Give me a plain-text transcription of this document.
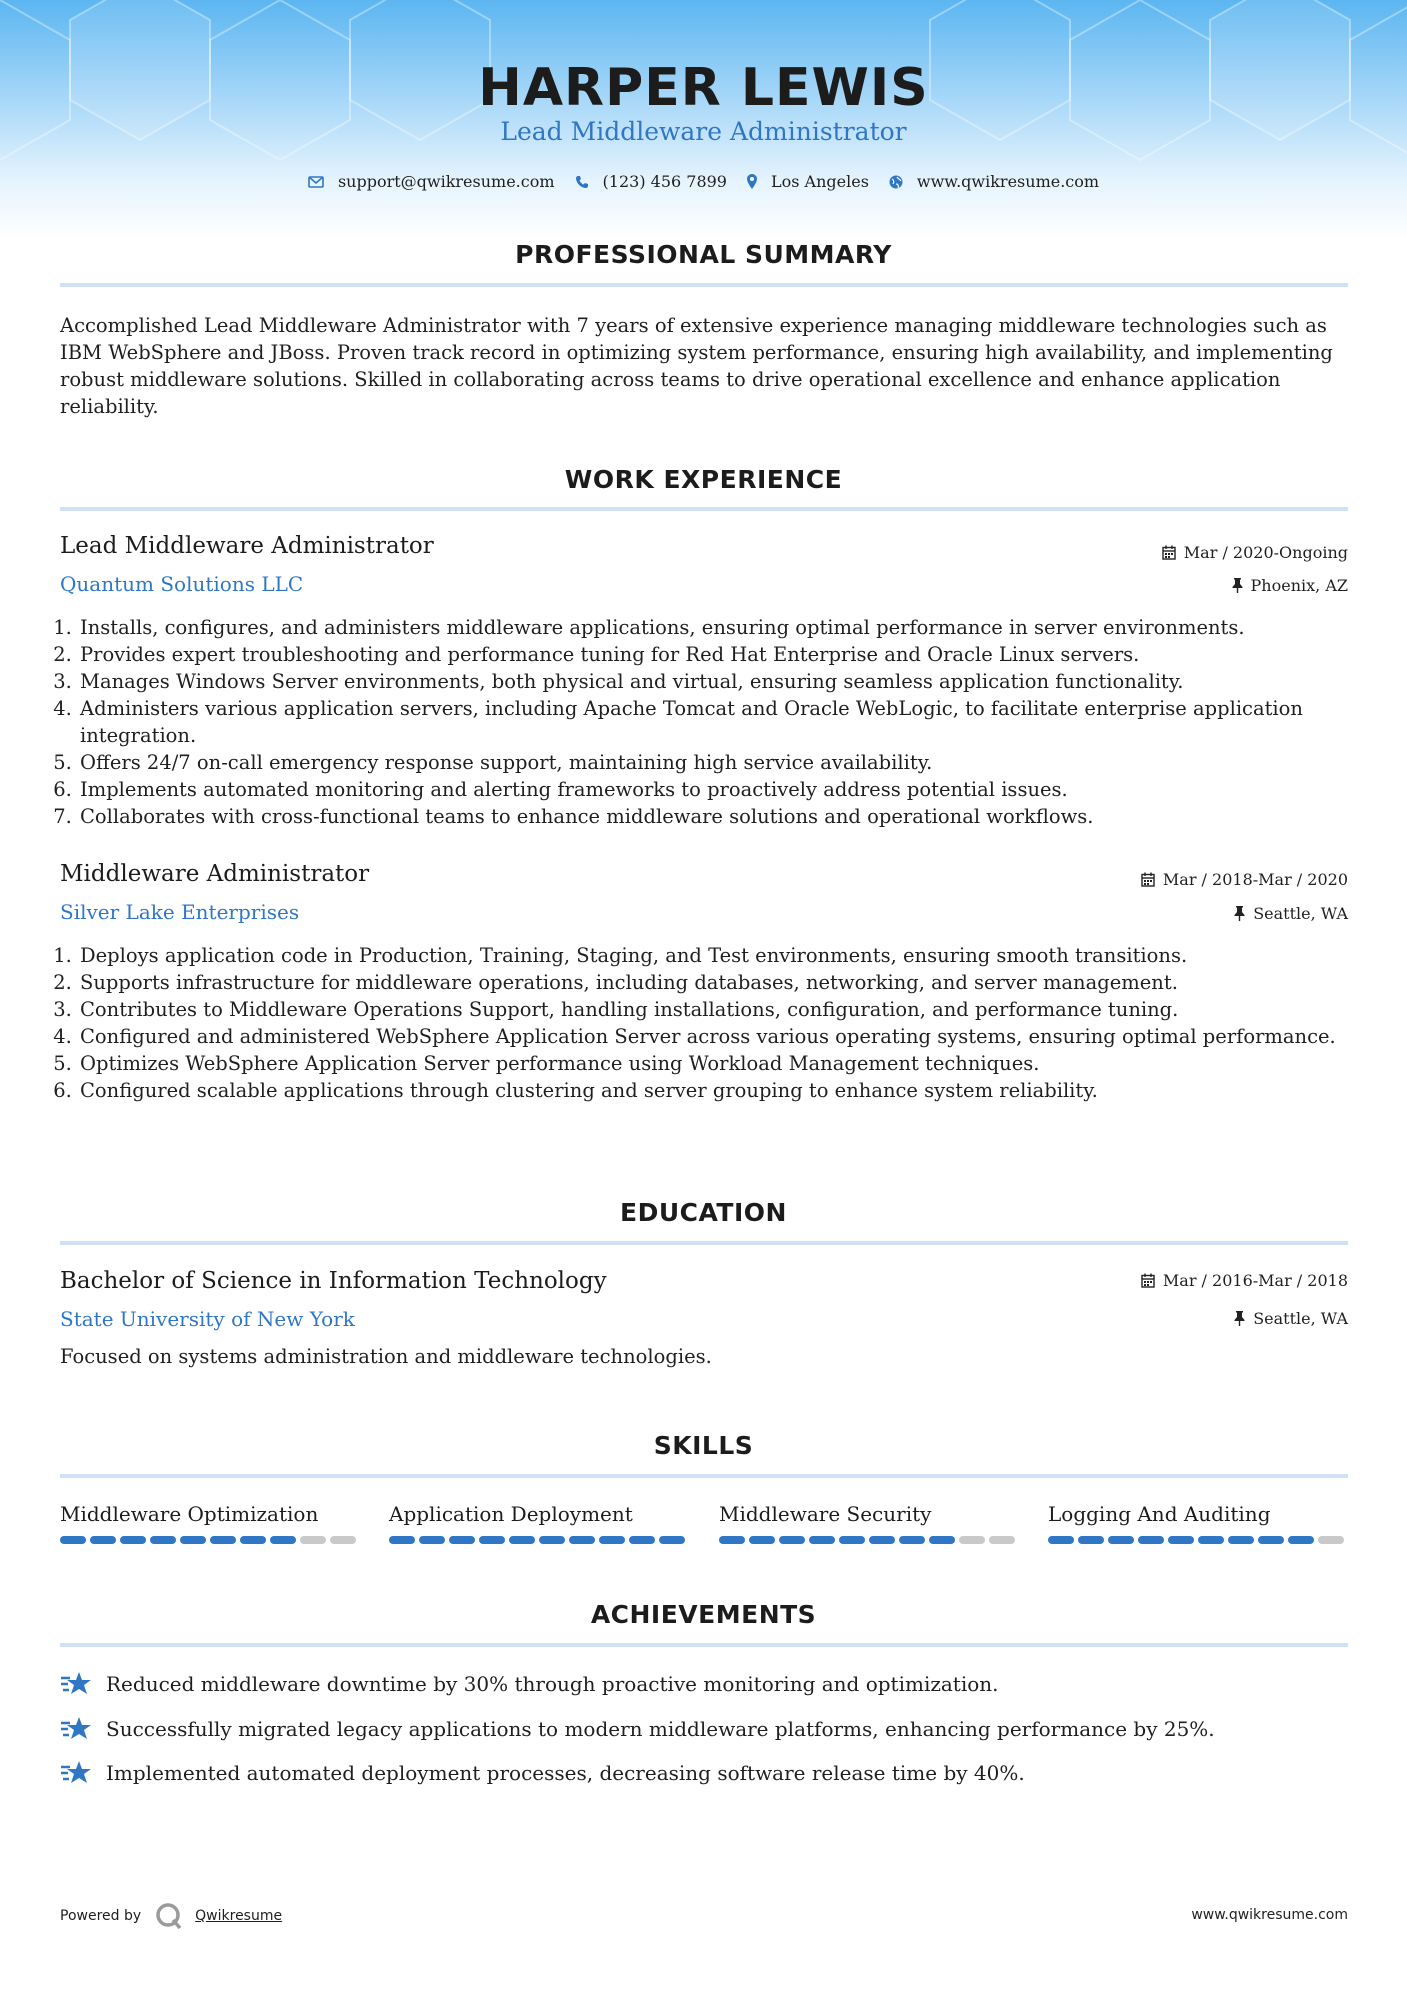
HARPER LEWIS
Lead Middleware Administrator
support@qwikresume.com	(123) 456 7899	Los Angeles	www.qwikresume.com
PROFESSIONAL SUMMARY
Accomplished Lead Middleware Administrator with 7 years of extensive experience managing middleware technologies such as IBM WebSphere and JBoss. Proven track record in optimizing system performance, ensuring high availability, and implementing robust middleware solutions. Skilled in collaborating across teams to drive operational excellence and enhance application reliability.
WORK EXPERIENCE
Lead Middleware Administrator	Mar / 2020-Ongoing
Quantum Solutions LLC	Phoenix, AZ
1. Installs, configures, and administers middleware applications, ensuring optimal performance in server environments.
2. Provides expert troubleshooting and performance tuning for Red Hat Enterprise and Oracle Linux servers.
3. Manages Windows Server environments, both physical and virtual, ensuring seamless application functionality.
4. Administers various application servers, including Apache Tomcat and Oracle WebLogic, to facilitate enterprise application integration.
5. Offers 24/7 on-call emergency response support, maintaining high service availability.
6. Implements automated monitoring and alerting frameworks to proactively address potential issues.
7. Collaborates with cross-functional teams to enhance middleware solutions and operational workflows.
Middleware Administrator	Mar / 2018-Mar / 2020
Silver Lake Enterprises	Seattle, WA
1. Deploys application code in Production, Training, Staging, and Test environments, ensuring smooth transitions.
2. Supports infrastructure for middleware operations, including databases, networking, and server management.
3. Contributes to Middleware Operations Support, handling installations, configuration, and performance tuning.
4. Configured and administered WebSphere Application Server across various operating systems, ensuring optimal performance.
5. Optimizes WebSphere Application Server performance using Workload Management techniques.
6. Configured scalable applications through clustering and server grouping to enhance system reliability.
EDUCATION
Bachelor of Science in Information Technology	Mar / 2016-Mar / 2018
State University of New York	Seattle, WA
Focused on systems administration and middleware technologies.
SKILLS
Middleware Optimization	Application Deployment	Middleware Security	Logging And Auditing
ACHIEVEMENTS
Reduced middleware downtime by 30% through proactive monitoring and optimization.
Successfully migrated legacy applications to modern middleware platforms, enhancing performance by 25%.
Implemented automated deployment processes, decreasing software release time by 40%.
Powered by	Qwikresume	www.qwikresume.com
